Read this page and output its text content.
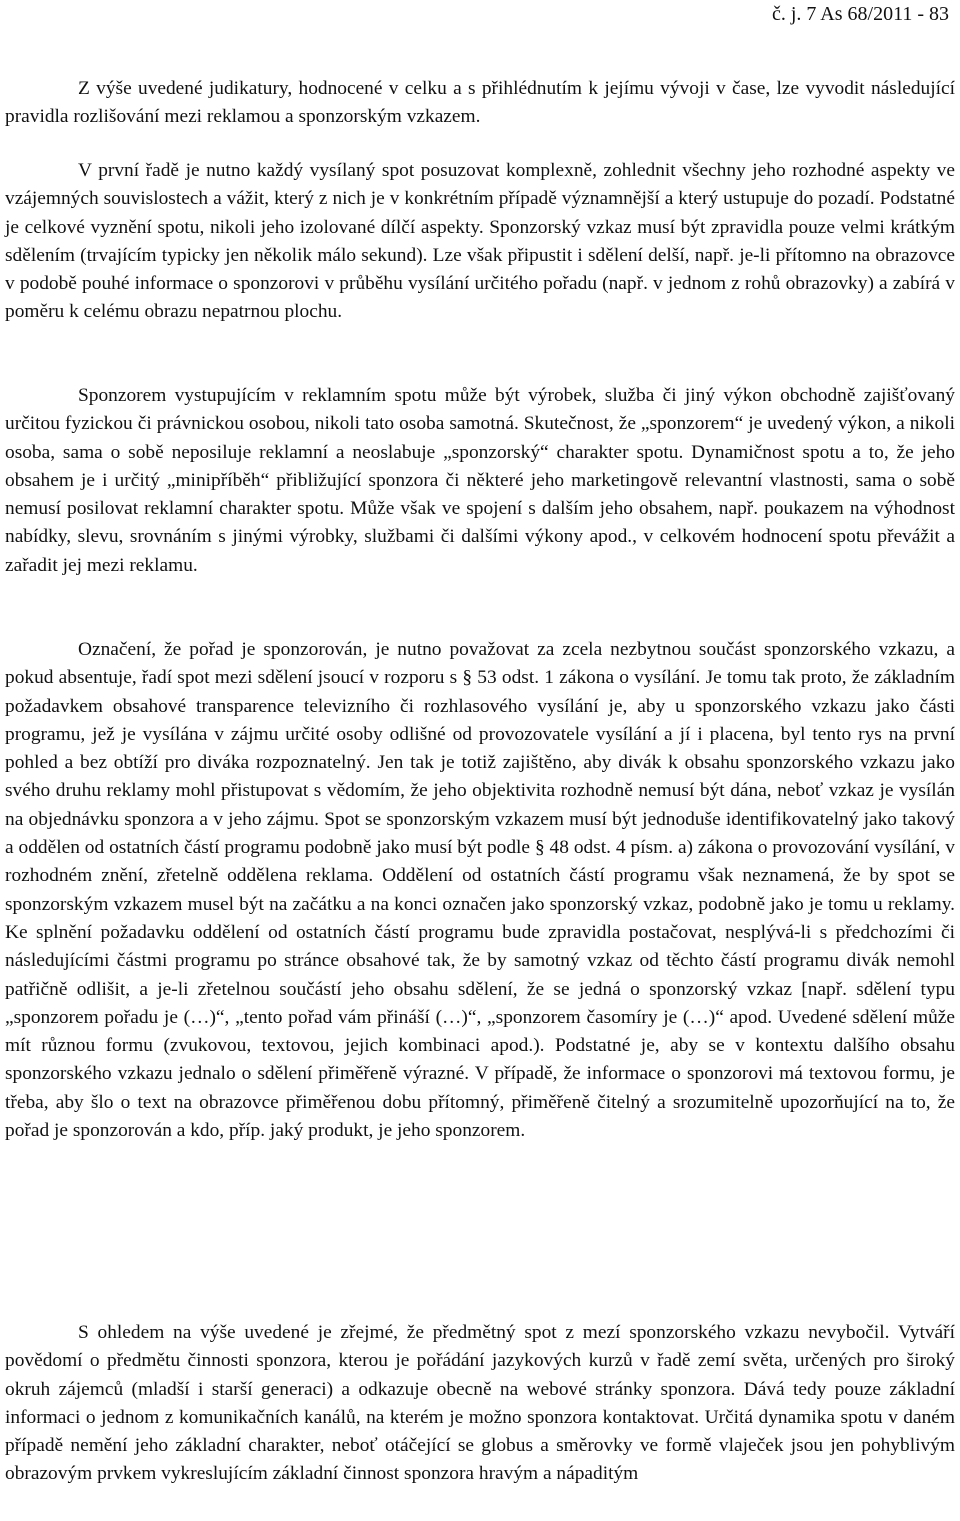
č. j. 7 As 68/2011 - 83

Z výše uvedené judikatury, hodnocené v celku a s přihlédnutím k jejímu vývoji v čase, lze vyvodit následující pravidla rozlišování mezi reklamou a sponzorským vzkazem.

V první řadě je nutno každý vysílaný spot posuzovat komplexně, zohlednit všechny jeho rozhodné aspekty ve vzájemných souvislostech a vážit, který z nich je v konkrétním případě významnější a který ustupuje do pozadí. Podstatné je celkové vyznění spotu, nikoli jeho izolované dílčí aspekty. Sponzorský vzkaz musí být zpravidla pouze velmi krátkým sdělením (trvajícím typicky jen několik málo sekund). Lze však připustit i sdělení delší, např. je-li přítomno na obrazovce v podobě pouhé informace o sponzorovi v průběhu vysílání určitého pořadu (např. v jednom z rohů obrazovky) a zabírá v poměru k celému obrazu nepatrnou plochu.

Sponzorem vystupujícím v reklamním spotu může být výrobek, služba či jiný výkon obchodně zajišťovaný určitou fyzickou či právnickou osobou, nikoli tato osoba samotná. Skutečnost, že „sponzorem“ je uvedený výkon, a nikoli osoba, sama o sobě neposiluje reklamní a neoslabuje „sponzorský“ charakter spotu. Dynamičnost spotu a to, že jeho obsahem je i určitý „minipříběh“ přibližující sponzora či některé jeho marketingově relevantní vlastnosti, sama o sobě nemusí posilovat reklamní charakter spotu. Může však ve spojení s dalším jeho obsahem, např. poukazem na výhodnost nabídky, slevu, srovnáním s jinými výrobky, službami či dalšími výkony apod., v celkovém hodnocení spotu převážit a zařadit jej mezi reklamu.

Označení, že pořad je sponzorován, je nutno považovat za zcela nezbytnou součást sponzorského vzkazu, a pokud absentuje, řadí spot mezi sdělení jsoucí v rozporu s § 53 odst. 1 zákona o vysílání. Je tomu tak proto, že základním požadavkem obsahové transparence televizního či rozhlasového vysílání je, aby u sponzorského vzkazu jako části programu, jež je vysílána v zájmu určité osoby odlišné od provozovatele vysílání a jí i placena, byl tento rys na první pohled a bez obtíží pro diváka rozpoznatelný. Jen tak je totiž zajištěno, aby divák k obsahu sponzorského vzkazu jako svého druhu reklamy mohl přistupovat s vědomím, že jeho objektivita rozhodně nemusí být dána, neboť vzkaz je vysílán na objednávku sponzora a v jeho zájmu. Spot se sponzorským vzkazem musí být jednoduše identifikovatelný jako takový a oddělen od ostatních částí programu podobně jako musí být podle § 48 odst. 4 písm. a) zákona o provozování vysílání, v rozhodném znění, zřetelně oddělena reklama. Oddělení od ostatních částí programu však neznamená, že by spot se sponzorským vzkazem musel být na začátku a na konci označen jako sponzorský vzkaz, podobně jako je tomu u reklamy. Ke splnění požadavku oddělení od ostatních částí programu bude zpravidla postačovat, nesplývá-li s předchozími či následujícími částmi programu po stránce obsahové tak, že by samotný vzkaz od těchto částí programu divák nemohl patřičně odlišit, a je-li zřetelnou součástí jeho obsahu sdělení, že se jedná o sponzorský vzkaz [např. sdělení typu „sponzorem pořadu je (…)“, „tento pořad vám přináší (…)“, „sponzorem časomíry je (…)“ apod. Uvedené sdělení může mít různou formu (zvukovou, textovou, jejich kombinaci apod.). Podstatné je, aby se v kontextu dalšího obsahu sponzorského vzkazu jednalo o sdělení přiměřeně výrazné. V případě, že informace o sponzorovi má textovou formu, je třeba, aby šlo o text na obrazovce přiměřenou dobu přítomný, přiměřeně čitelný a srozumitelně upozorňující na to, že pořad je sponzorován a kdo, příp. jaký produkt, je jeho sponzorem.

S ohledem na výše uvedené je zřejmé, že předmětný spot z mezí sponzorského vzkazu nevybočil. Vytváří povědomí o předmětu činnosti sponzora, kterou je pořádání jazykových kurzů v řadě zemí světa, určených pro široký okruh zájemců (mladší i starší generaci) a odkazuje obecně na webové stránky sponzora. Dává tedy pouze základní informaci o jednom z komunikačních kanálů, na kterém je možno sponzora kontaktovat. Určitá dynamika spotu v daném případě nemění jeho základní charakter, neboť otáčející se globus a směrovky ve formě vlaječek jsou jen pohyblivým obrazovým prvkem vykreslujícím základní činnost sponzora hravým a nápaditým
